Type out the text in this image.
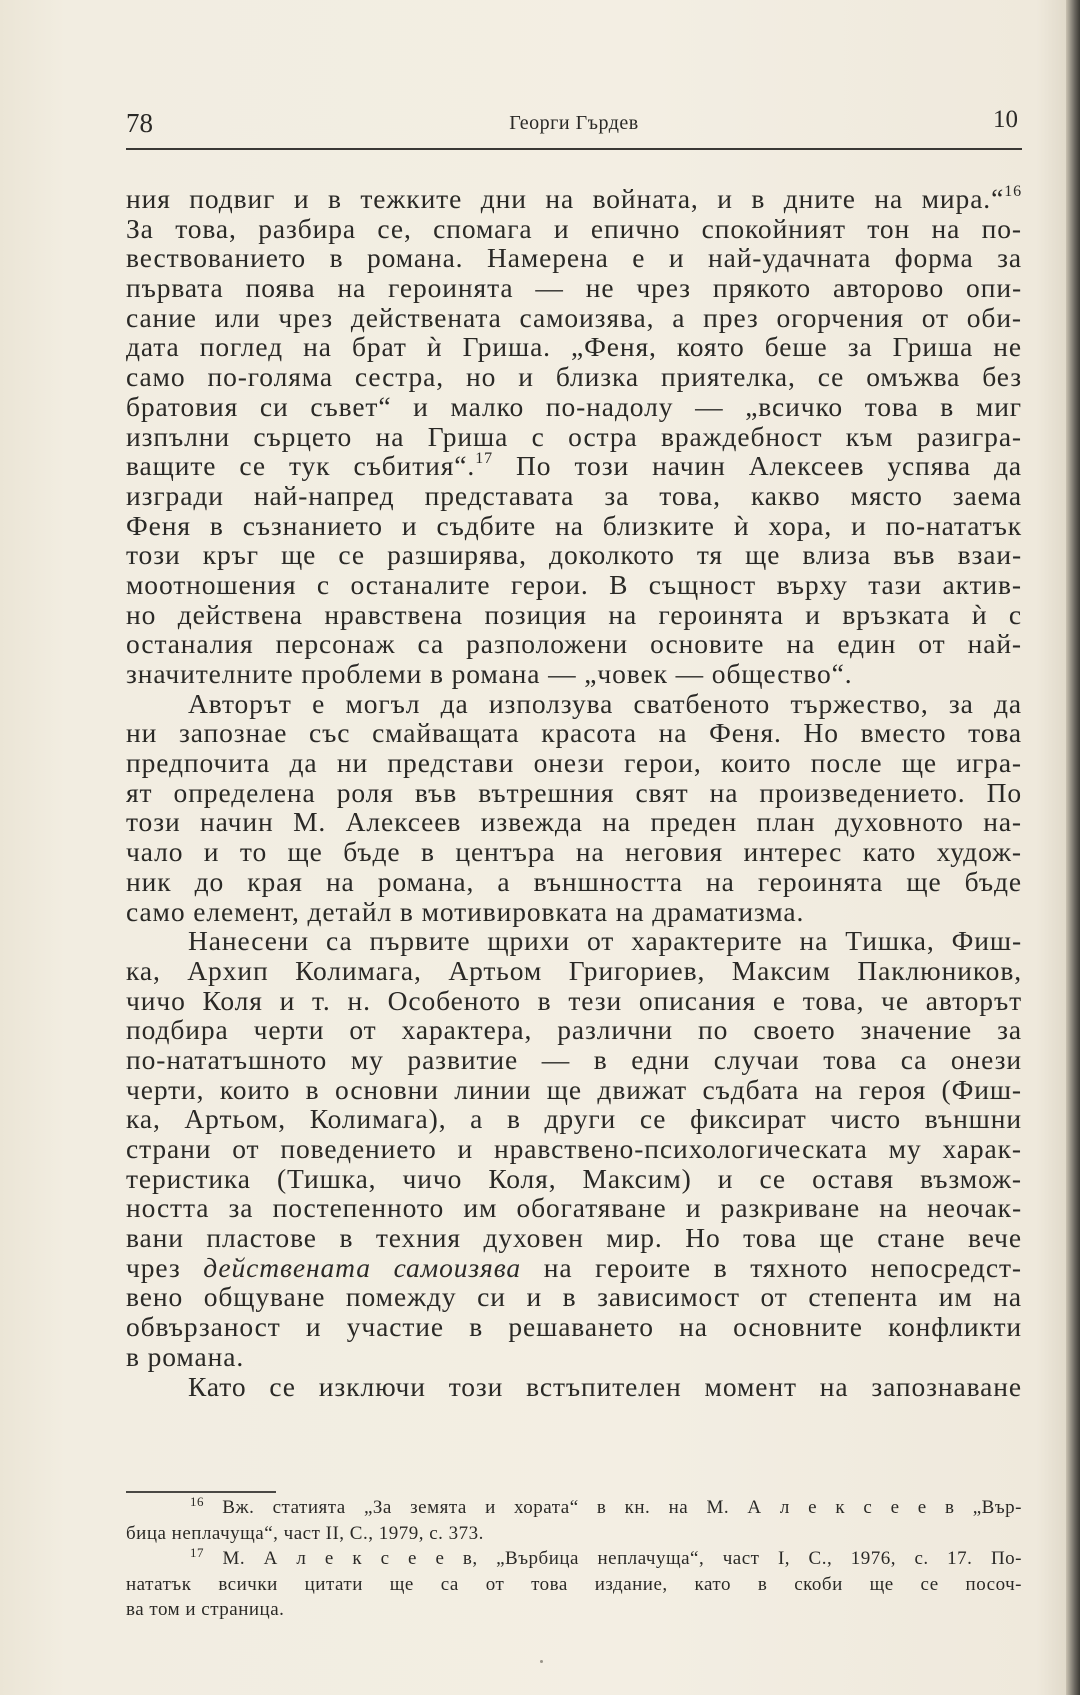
78	Георги Гърдев	10
ния подвиг и в тежките дни на войната, и в дните на мира.“$^{16}$
За това, разбира се, спомага и епично спокойният тон на по-
вествованието в романа. Намерена е и най-удачната форма за
първата поява на героинята — не чрез прякото авторово опи-
сание или чрез действената самоизява, а през огорчения от оби-
дата поглед на брат ѝ Гриша. „Феня, която беше за Гриша не
само по-голяма сестра, но и близка приятелка, се омъжва без
братовия си съвет“ и малко по-надолу — „всичко това в миг
изпълни сърцето на Гриша с остра враждебност към разигра-
ващите се тук събития“.$^{17}$ По този начин Алексеев успява да
изгради най-напред представата за това, какво място заема
Феня в съзнанието и съдбите на близките ѝ хора, и по-нататък
този кръг ще се разширява, доколкото тя ще влиза във взаи-
моотношения с останалите герои. В същност върху тази актив-
но действена нравствена позиция на героинята и връзката ѝ с
останалия персонаж са разположени основите на един от най-
значителните проблеми в романа — „човек — общество“.
Авторът е могъл да използува сватбеното тържество, за да
ни запознае със смайващата красота на Феня. Но вместо това
предпочита да ни представи онези герои, които после ще игра-
ят определена роля във вътрешния свят на произведението. По
този начин М. Алексеев извежда на преден план духовното на-
чало и то ще бъде в центъра на неговия интерес като худож-
ник до края на романа, а външността на героинята ще бъде
само елемент, детайл в мотивировката на драматизма.
Нанесени са първите щрихи от характерите на Тишка, Фиш-
ка, Архип Колимага, Артьом Григориев, Максим Паклюников,
чичо Коля и т. н. Особеното в тези описания е това, че авторът
подбира черти от характера, различни по своето значение за
по-нататъшното му развитие — в едни случаи това са онези
черти, които в основни линии ще движат съдбата на героя (Фиш-
ка, Артьом, Колимага), а в други се фиксират чисто външни
страни от поведението и нравствено-психологическата му харак-
теристика (Тишка, чичо Коля, Максим) и се оставя възмож-
ността за постепенното им обогатяване и разкриване на неочак-
вани пластове в техния духовен мир. Но това ще стане вече
чрез действената самоизява на героите в тяхното непосредст-
вено общуване помежду си и в зависимост от степента им на
обвързаност и участие в решаването на основните конфликти
в романа.
Като се изключи този встъпителен момент на запознаване
$^{16}$ Вж. статията „За земята и хората“ в кн. на М. А л е к с е е в „Вър-
бица неплачуща“, част II, С., 1979, с. 373.
$^{17}$ М. А л е к с е е в, „Върбица неплачуща“, част I, С., 1976, с. 17. По-
нататък всички цитати ще са от това издание, като в скоби ще се посоч-
ва том и страница.
